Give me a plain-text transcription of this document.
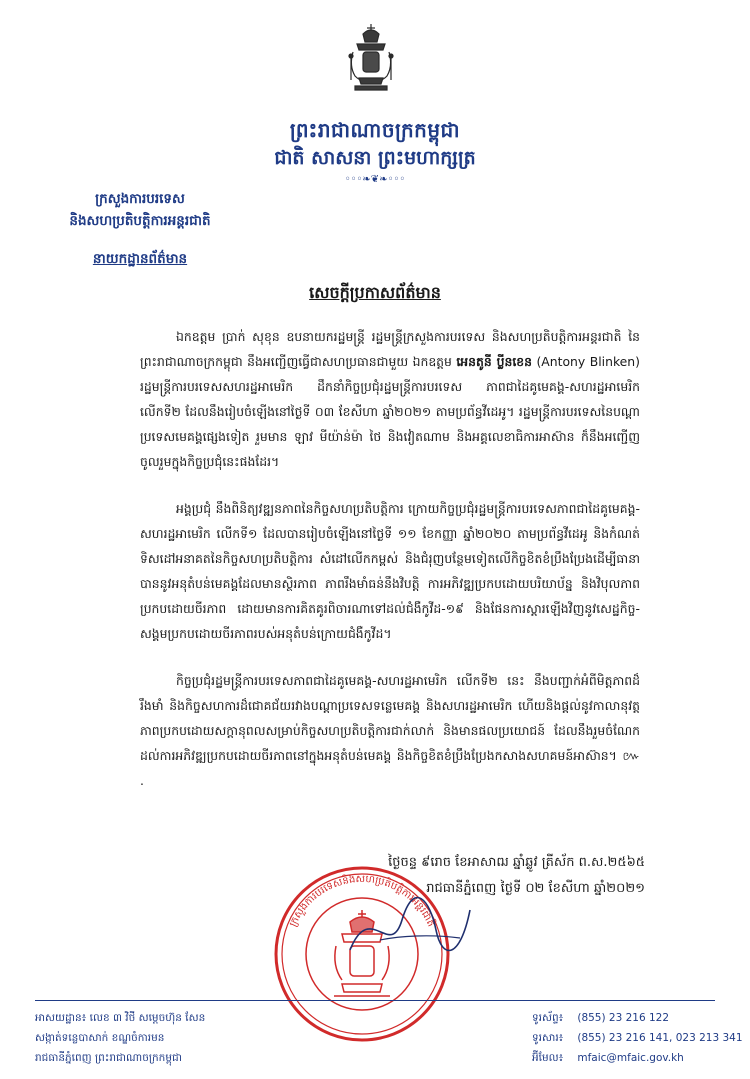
ព្រះរាជាណាចក្រកម្ពុជា
ជាតិ សាសនា ព្រះមហាក្សត្រ
◦◦◦❧❦❧◦◦◦
ក្រសួងការបរទេស
និងសហប្រតិបត្តិការអន្តរជាតិ
នាយកដ្ឋានព័ត៌មាន
សេចក្តីប្រកាសព័ត៌មាន

ឯកឧត្តម ប្រាក់ សុខុន ឧបនាយករដ្ឋមន្ត្រី រដ្ឋមន្ត្រីក្រសួងការបរទេស និងសហប្រតិបត្តិការអន្តរជាតិ នៃព្រះរាជាណាចក្រកម្ពុជា នឹងអញ្ជើញធ្វើជាសហប្រធានជាមួយ ឯកឧត្តម អេនតូនី ប្លីនខេន (Antony Blinken) រដ្ឋមន្ត្រីការបរទេសសហរដ្ឋអាមេរិក ដឹកនាំកិច្ចប្រជុំរដ្ឋមន្ត្រីការបរទេស ភាពជាដៃគូមេគង្គ-សហរដ្ឋអាមេរិក លើកទី២ ដែលនឹងរៀបចំឡើងនៅថ្ងៃទី ០៣ ខែសីហា ឆ្នាំ២០២១ តាមប្រព័ន្ធវីដេអូ។ រដ្ឋមន្ត្រីការបរទេសនៃបណ្តាប្រទេសមេគង្គផ្សេងទៀត រួមមាន ឡាវ មីយ៉ាន់ម៉ា ថៃ និងវៀតណាម និងអគ្គលេខាធិការអាស៊ាន ក៏នឹងអញ្ជើញចូលរួមក្នុងកិច្ចប្រជុំនេះផងដែរ។

អង្គប្រជុំ នឹងពិនិត្យវឌ្ឍនភាពនៃកិច្ចសហប្រតិបត្តិការ ក្រោយកិច្ចប្រជុំរដ្ឋមន្ត្រីការបរទេសភាពជាដៃគូមេគង្គ-សហរដ្ឋអាមេរិក លើកទី១ ដែលបានរៀបចំឡើងនៅថ្ងៃទី ១១ ខែកញ្ញា ឆ្នាំ២០២០ តាមប្រព័ន្ធវីដេអូ និងកំណត់ទិសដៅអនាគតនៃកិច្ចសហប្រតិបត្តិការ សំដៅលើកកម្ពស់ និងជំរុញបន្ថែមទៀតលើកិច្ចខិតខំប្រឹងប្រែងដើម្បីធានាបាននូវអនុតំបន់មេគង្គដែលមានស្ថិរភាព ភាពរឹងមាំធន់នឹងវិបត្តិ ការអភិវឌ្ឍប្រកបដោយបរិយាប័ន្ន និងវិបុលភាពប្រកបដោយចីរភាព ដោយមានការគិតគូរពិចារណាទៅដល់ជំងឺកូវីដ-១៩ និងផែនការស្តារឡើងវិញនូវសេដ្ឋកិច្ច-សង្គមប្រកបដោយចីរភាពរបស់អនុតំបន់ក្រោយជំងឺកូវីដ។

កិច្ចប្រជុំរដ្ឋមន្ត្រីការបរទេសភាពជាដៃគូមេគង្គ-សហរដ្ឋអាមេរិក លើកទី២ នេះ នឹងបញ្ជាក់អំពីមិត្តភាពដ៏រឹងមាំ និងកិច្ចសហការដ៏ជោគជ័យរវាងបណ្តាប្រទេសទន្លេមេគង្គ និងសហរដ្ឋអាមេរិក ហើយនិងផ្តល់នូវកាលានុវត្តភាពប្រកបដោយសក្តានុពលសម្រាប់កិច្ចសហប្រតិបត្តិការជាក់លាក់ និងមានផលប្រយោជន៍ ដែលនឹងរួមចំណែកដល់ការអភិវឌ្ឍប្រកបដោយចីរភាពនៅក្នុងអនុតំបន់មេគង្គ និងកិច្ចខិតខំប្រឹងប្រែងកសាងសហគមន៍អាស៊ាន។ ៚ .

ថ្ងៃចន្ទ ៩រោច ខែអាសាឍ ឆ្នាំឆ្លូវ ត្រីស័ក ព.ស.២៥៦៥
រាជធានីភ្នំពេញ ថ្ងៃទី ០២ ខែសីហា ឆ្នាំ២០២១
ក្រសួងការបរទេសនិងសហប្រតិបត្តិការអន្តរជាតិ
អាសយដ្ឋាន៖ លេខ ៣ វិថី សម្តេចហ៊ុន សែន
សង្កាត់ទន្លេបាសាក់ ខណ្ឌចំការមន
រាជធានីភ្នំពេញ ព្រះរាជាណាចក្រកម្ពុជា
ទូរស័ព្ទ៖ (855) 23 216 122
ទូរសារ៖ (855) 23 216 141, 023 213 341
អ៊ីមែល៖ mfaic@mfaic.gov.kh
